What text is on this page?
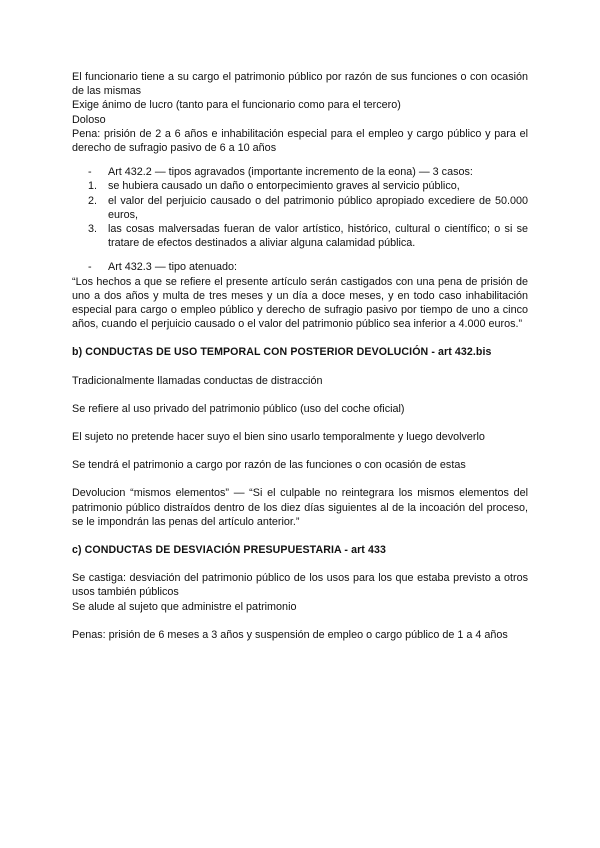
El funcionario tiene a su cargo el patrimonio público por razón de sus funciones o con ocasión de las mismas

Exige ánimo de lucro (tanto para el funcionario como para el tercero)

Doloso

Pena: prisión de 2 a 6 años e inhabilitación especial para el empleo y cargo público y para el derecho de sufragio pasivo de 6 a 10 años

- Art 432.2 — tipos agravados (importante incremento de la eona) — 3 casos:
1. se hubiera causado un daño o entorpecimiento graves al servicio público,
2. el valor del perjuicio causado o del patrimonio público apropiado excediere de 50.000 euros,
3. las cosas malversadas fueran de valor artístico, histórico, cultural o científico; o si se tratare de efectos destinados a aliviar alguna calamidad pública.
- Art 432.3 — tipo atenuado:

“Los hechos a que se refiere el presente artículo serán castigados con una pena de prisión de uno a dos años y multa de tres meses y un día a doce meses, y en todo caso inhabilitación especial para cargo o empleo público y derecho de sufragio pasivo por tiempo de uno a cinco años, cuando el perjuicio causado o el valor del patrimonio público sea inferior a 4.000 euros.”

b) CONDUCTAS DE USO TEMPORAL CON POSTERIOR DEVOLUCIÓN - art 432.bis

Tradicionalmente llamadas conductas de distracción

Se refiere al uso privado del patrimonio público (uso del coche oficial)

El sujeto no pretende hacer suyo el bien sino usarlo temporalmente y luego devolverlo

Se tendrá el patrimonio a cargo por razón de las funciones o con ocasión de estas

Devolucion “mismos elementos” — “Si el culpable no reintegrara los mismos elementos del patrimonio público distraídos dentro de los diez días siguientes al de la incoación del proceso, se le impondrán las penas del artículo anterior.”

c) CONDUCTAS DE DESVIACIÓN PRESUPUESTARIA - art 433

Se castiga: desviación del patrimonio público de los usos para los que estaba previsto a otros usos también públicos

Se alude al sujeto que administre el patrimonio

Penas: prisión de 6 meses a 3 años y suspensión de empleo o cargo público de 1 a 4 años
